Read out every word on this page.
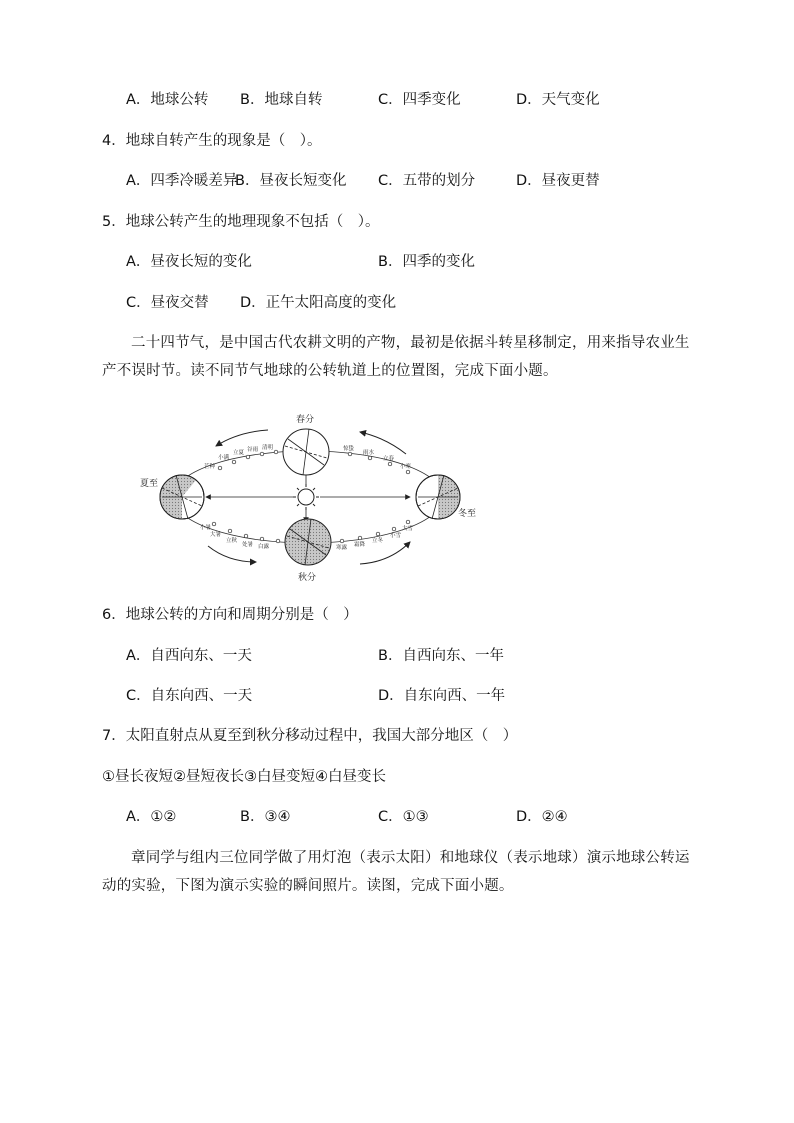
A．地球公转 B．地球自转	C．四季变化	D．天气变化
4．地球自转产生的现象是（　）。
A．四季冷暖差异
B．昼夜长短变化 C．五带的划分	D．昼夜更替
5．地球公转产生的地理现象不包括（　）。
A．昼夜长短的变化	B．四季的变化
C．昼夜交替 D．正午太阳高度的变化
二十四节气，是中国古代农耕文明的产物，最初是依据斗转星移制定，用来指导农业生产不误时节。读不同节气地球的公转轨道上的位置图，完成下面小题。
春分
夏至
秋分
冬至
芒种
小满
立夏 谷雨 清明	惊蛰
雨水
立春
小寒
小暑
大暑
立秋
处暑 白露	寒露 霜降
立冬
小雪
大雪
6．地球公转的方向和周期分别是（　）
A．自西向东、一天	B．自西向东、一年
C．自东向西、一天	D．自东向西、一年
7．太阳直射点从夏至到秋分移动过程中，我国大部分地区（　）
①昼长夜短②昼短夜长③白昼变短④白昼变长
A．①②	B．③④	C．①③	D．②④
章同学与组内三位同学做了用灯泡（表示太阳）和地球仪（表示地球）演示地球公转运动的实验，下图为演示实验的瞬间照片。读图，完成下面小题。
